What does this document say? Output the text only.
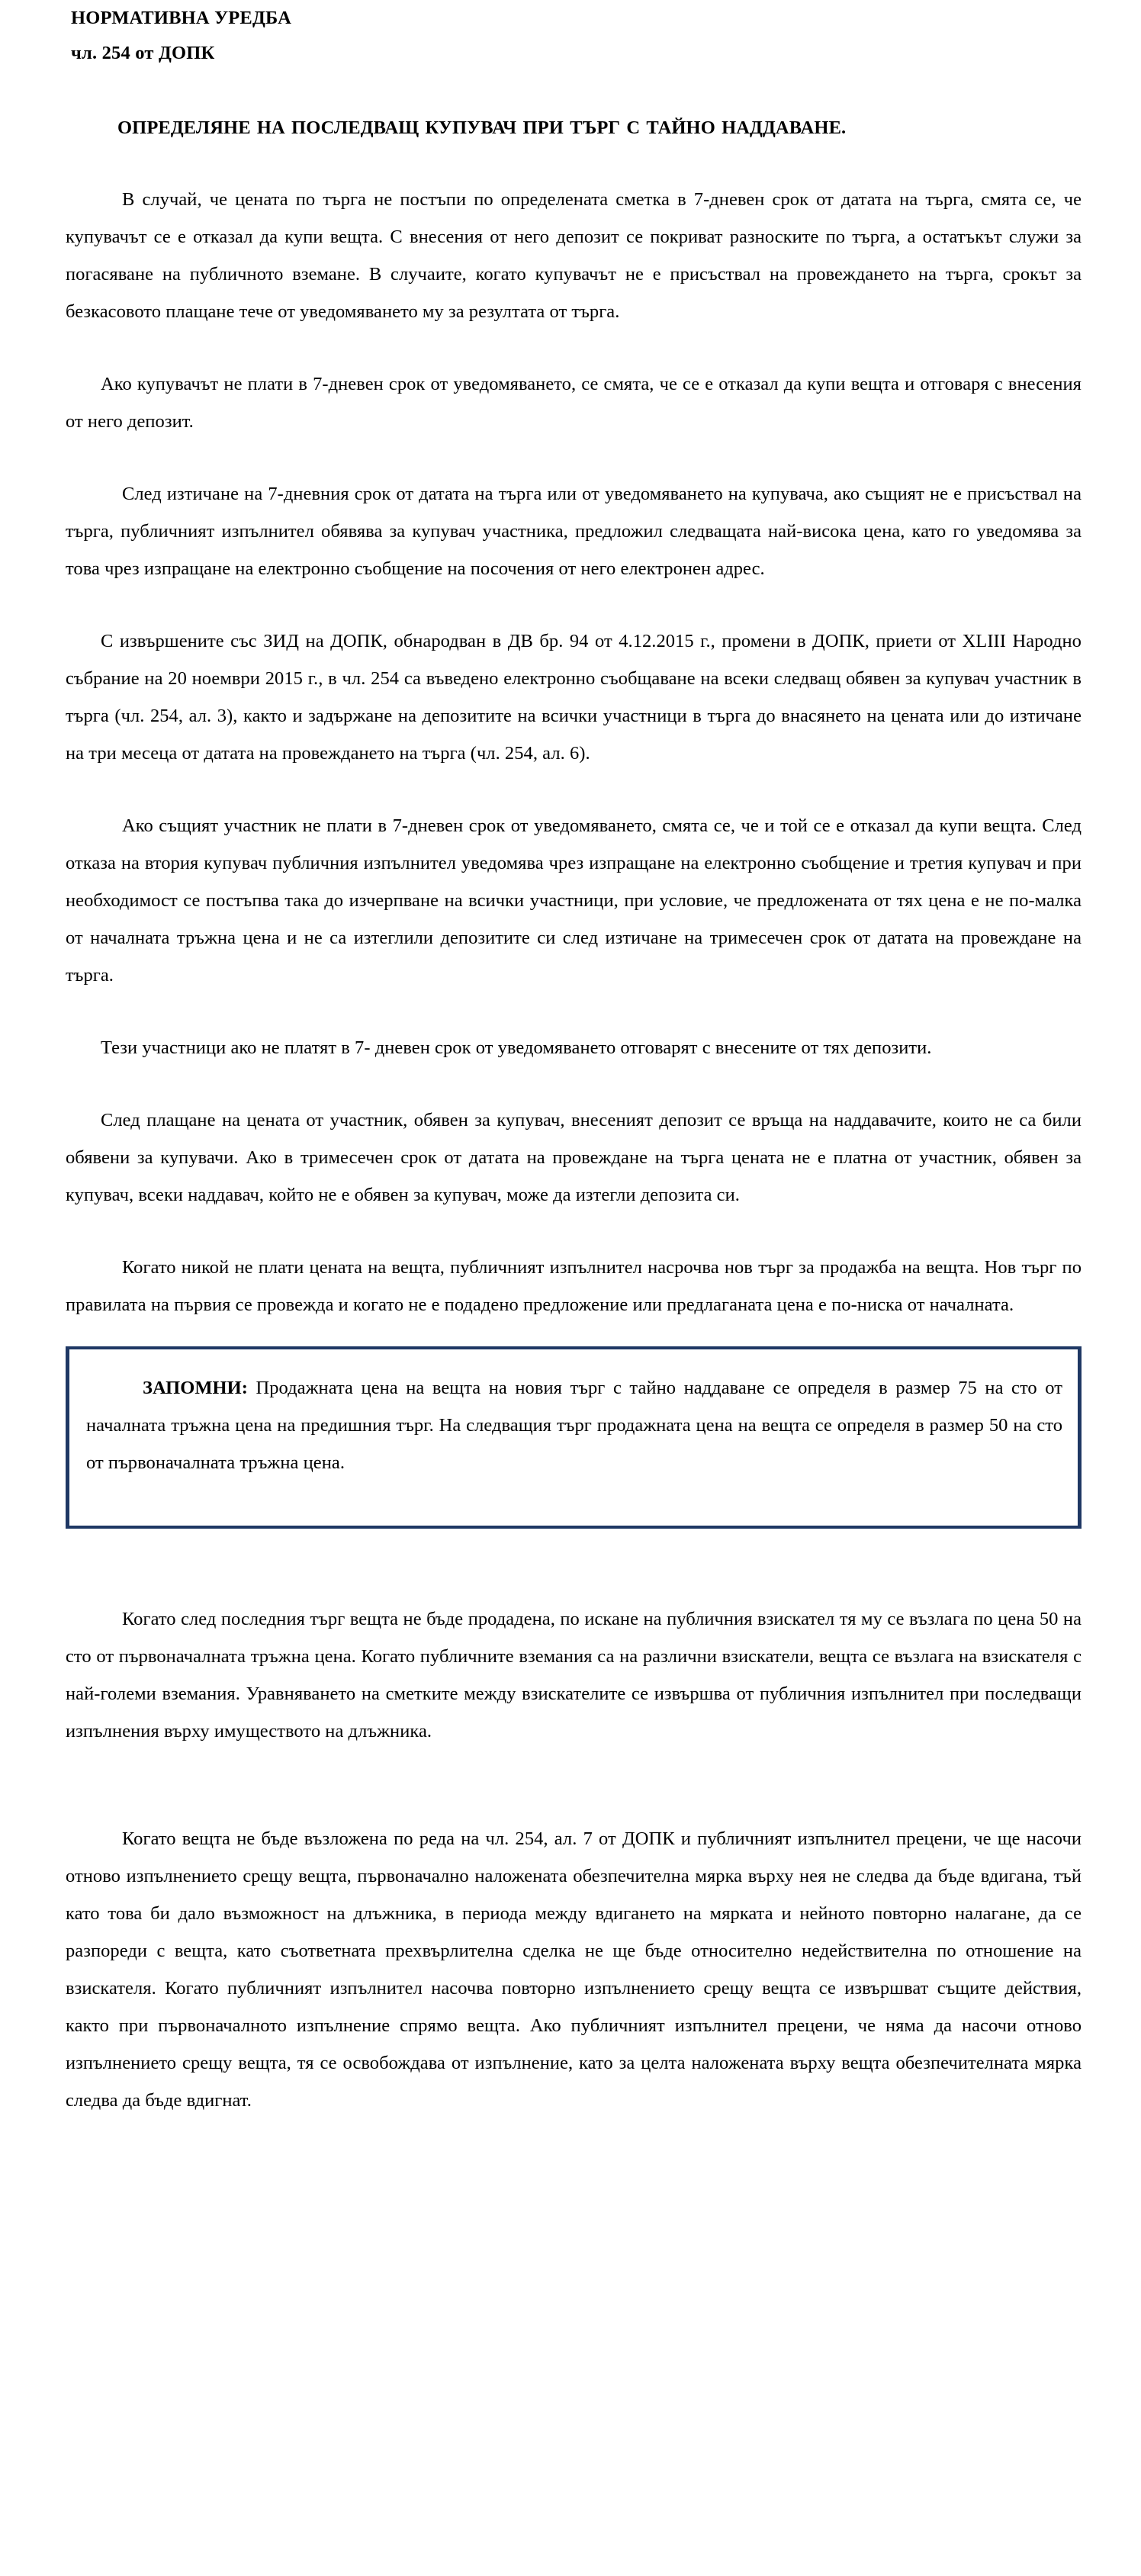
НОРМАТИВНА УРЕДБА
чл. 254 от ДОПК
ОПРЕДЕЛЯНЕ НА ПОСЛЕДВАЩ КУПУВАЧ ПРИ ТЪРГ С ТАЙНО НАДДАВАНЕ.

В случай, че цената по търга не постъпи по определената сметка в 7-дневен срок от датата на търга, смята се, че купувачът се е отказал да купи вещта. С внесения от него депозит се покриват разноските по търга, а остатъкът служи за погасяване на публичното вземане. В случаите, когато купувачът не е присъствал на провеждането на търга, срокът за безкасовото плащане тече от уведомяването му за резултата от търга.

Ако купувачът не плати в 7-дневен срок от уведомяването, се смята, че се е отказал да купи вещта и отговаря с внесения от него депозит.

След изтичане на 7-дневния срок от датата на търга или от уведомяването на купувача, ако същият не е присъствал на търга, публичният изпълнител обявява за купувач участника, предложил следващата най-висока цена, като го уведомява за това чрез изпращане на електронно съобщение на посочения от него електронен адрес.

С извършените със ЗИД на ДОПК, обнародван в ДВ бр. 94 от 4.12.2015 г., промени в ДОПК, приети от XLIII Народно събрание на 20 ноември 2015 г., в чл. 254 са въведено електронно съобщаване на всеки следващ обявен за купувач участник в търга (чл. 254, ал. 3), както и задържане на депозитите на всички участници в търга до внасянето на цената или до изтичане на три месеца от датата на провеждането на търга (чл. 254, ал. 6).

Ако същият участник не плати в 7-дневен срок от уведомяването, смята се, че и той се е отказал да купи вещта. След отказа на втория купувач публичния изпълнител уведомява чрез изпращане на електронно съобщение и третия купувач и при необходимост се постъпва така до изчерпване на всички участници, при условие, че предложената от тях цена е не по-малка от началната тръжна цена и не са изтеглили депозитите си след изтичане на тримесечен срок от датата на провеждане на търга.

Тези участници ако не платят в 7- дневен срок от уведомяването отговарят с внесените от тях депозити.

След плащане на цената от участник, обявен за купувач, внесеният депозит се връща на наддавачите, които не са били обявени за купувачи. Ако в тримесечен срок от датата на провеждане на търга цената не е платна от участник, обявен за купувач, всеки наддавач, който не е обявен за купувач, може да изтегли депозита си.

Когато никой не плати цената на вещта, публичният изпълнител насрочва нов търг за продажба на вещта. Нов търг по правилата на първия се провежда и когато не е подадено предложение или предлаганата цена е по-ниска от началната.

ЗАПОМНИ: Продажната цена на вещта на новия търг с тайно наддаване се определя в размер 75 на сто от началната тръжна цена на предишния търг. На следващия търг продажната цена на вещта се определя в размер 50 на сто от първоначалната тръжна цена.

Когато след последния търг вещта не бъде продадена, по искане на публичния взискател тя му се възлага по цена 50 на сто от първоначалната тръжна цена. Когато публичните вземания са на различни взискатели, вещта се възлага на взискателя с най-големи вземания. Уравняването на сметките между взискателите се извършва от публичния изпълнител при последващи изпълнения върху имуществото на длъжника.

Когато вещта не бъде възложена по реда на чл. 254, ал. 7 от ДОПК и публичният изпълнител прецени, че ще насочи отново изпълнението срещу вещта, първоначално наложената обезпечителна мярка върху нея не следва да бъде вдигана, тъй като това би дало възможност на длъжника, в периода между вдигането на мярката и нейното повторно налагане, да се разпореди с вещта, като съответната прехвърлителна сделка не ще бъде относително недействителна по отношение на взискателя. Когато публичният изпълнител насочва повторно изпълнението срещу вещта се извършват същите действия, както при първоначалното изпълнение спрямо вещта. Ако публичният изпълнител прецени, че няма да насочи отново изпълнението срещу вещта, тя се освобождава от изпълнение, като за целта наложената върху вещта обезпечителната мярка следва да бъде вдигнат.
